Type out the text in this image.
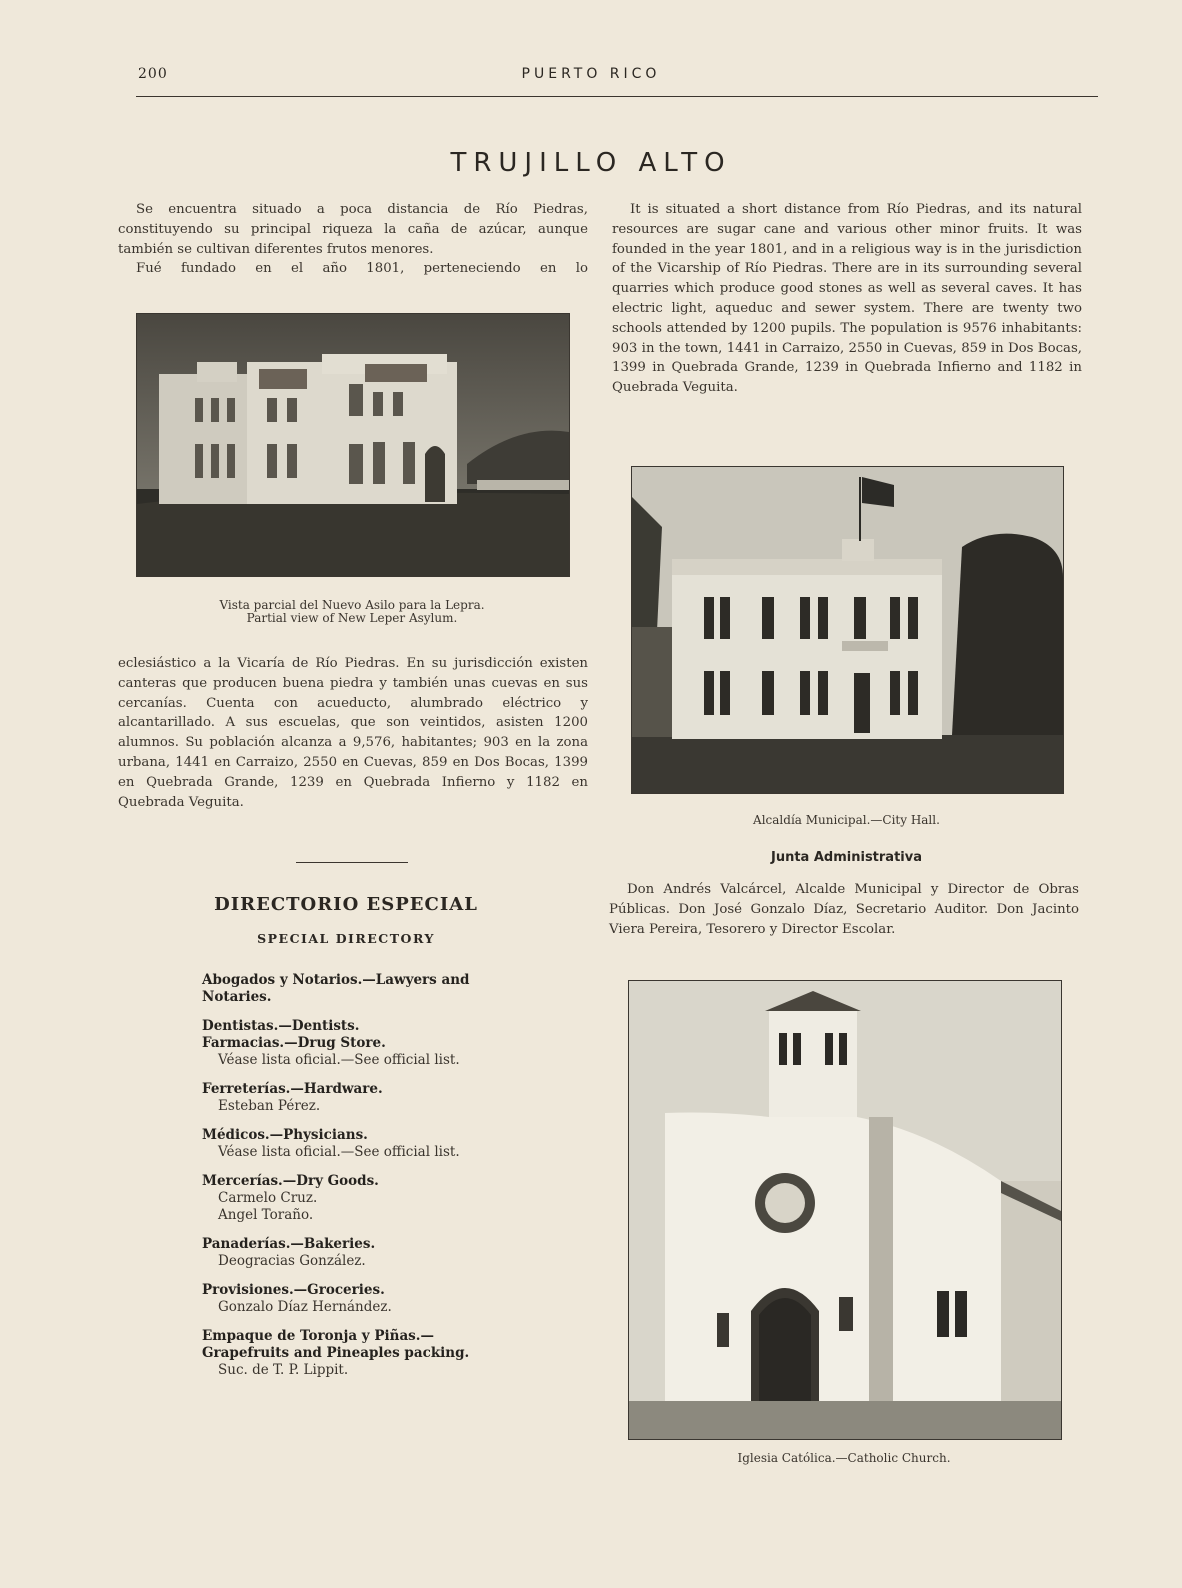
200	PUERTO RICO
TRUJILLO ALTO
Se encuentra situado a poca distancia de Río Piedras, constituyendo su principal riqueza la caña de azúcar, aunque también se cultivan diferentes frutos menores.
Fué fundado en el año 1801, perteneciendo en lo
Vista parcial del Nuevo Asilo para la Lepra.
Partial view of New Leper Asylum.
eclesiástico a la Vicaría de Río Piedras. En su jurisdicción existen canteras que producen buena piedra y también unas cuevas en sus cercanías. Cuenta con acueducto, alumbrado eléctrico y alcantarillado. A sus escuelas, que son veintidos, asisten 1200 alumnos. Su población alcanza a 9,576, habitantes; 903 en la zona urbana, 1441 en Carraizo, 2550 en Cuevas, 859 en Dos Bocas, 1399 en Quebrada Grande, 1239 en Quebrada Infierno y 1182 en Quebrada Veguita.
DIRECTORIO ESPECIAL
SPECIAL DIRECTORY
Abogados y Notarios.—Lawyers and Notaries.
Dentistas.—Dentists.
Farmacias.—Drug Store.
Véase lista oficial.—See official list.
Ferreterías.—Hardware.
Esteban Pérez.
Médicos.—Physicians.
Véase lista oficial.—See official list.
Mercerías.—Dry Goods.
Carmelo Cruz.
Angel Toraño.
Panaderías.—Bakeries.
Deogracias González.
Provisiones.—Groceries.
Gonzalo Díaz Hernández.
Empaque de Toronja y Piñas.—Grapefruits and Pineaples packing.
Suc. de T. P. Lippit.
It is situated a short distance from Río Piedras, and its natural resources are sugar cane and various other minor fruits. It was founded in the year 1801, and in a religious way is in the jurisdiction of the Vicarship of Río Piedras. There are in its surrounding several quarries which produce good stones as well as several caves. It has electric light, aqueduc and sewer system. There are twenty two schools attended by 1200 pupils. The population is 9576 inhabitants: 903 in the town, 1441 in Carraizo, 2550 in Cuevas, 859 in Dos Bocas, 1399 in Quebrada Grande, 1239 in Quebrada Infierno and 1182 in Quebrada Veguita.
Alcaldía Municipal.—City Hall.
Junta Administrativa
Don Andrés Valcárcel, Alcalde Municipal y Director de Obras Públicas. Don José Gonzalo Díaz, Secretario Auditor. Don Jacinto Viera Pereira, Tesorero y Director Escolar.
Iglesia Católica.—Catholic Church.
